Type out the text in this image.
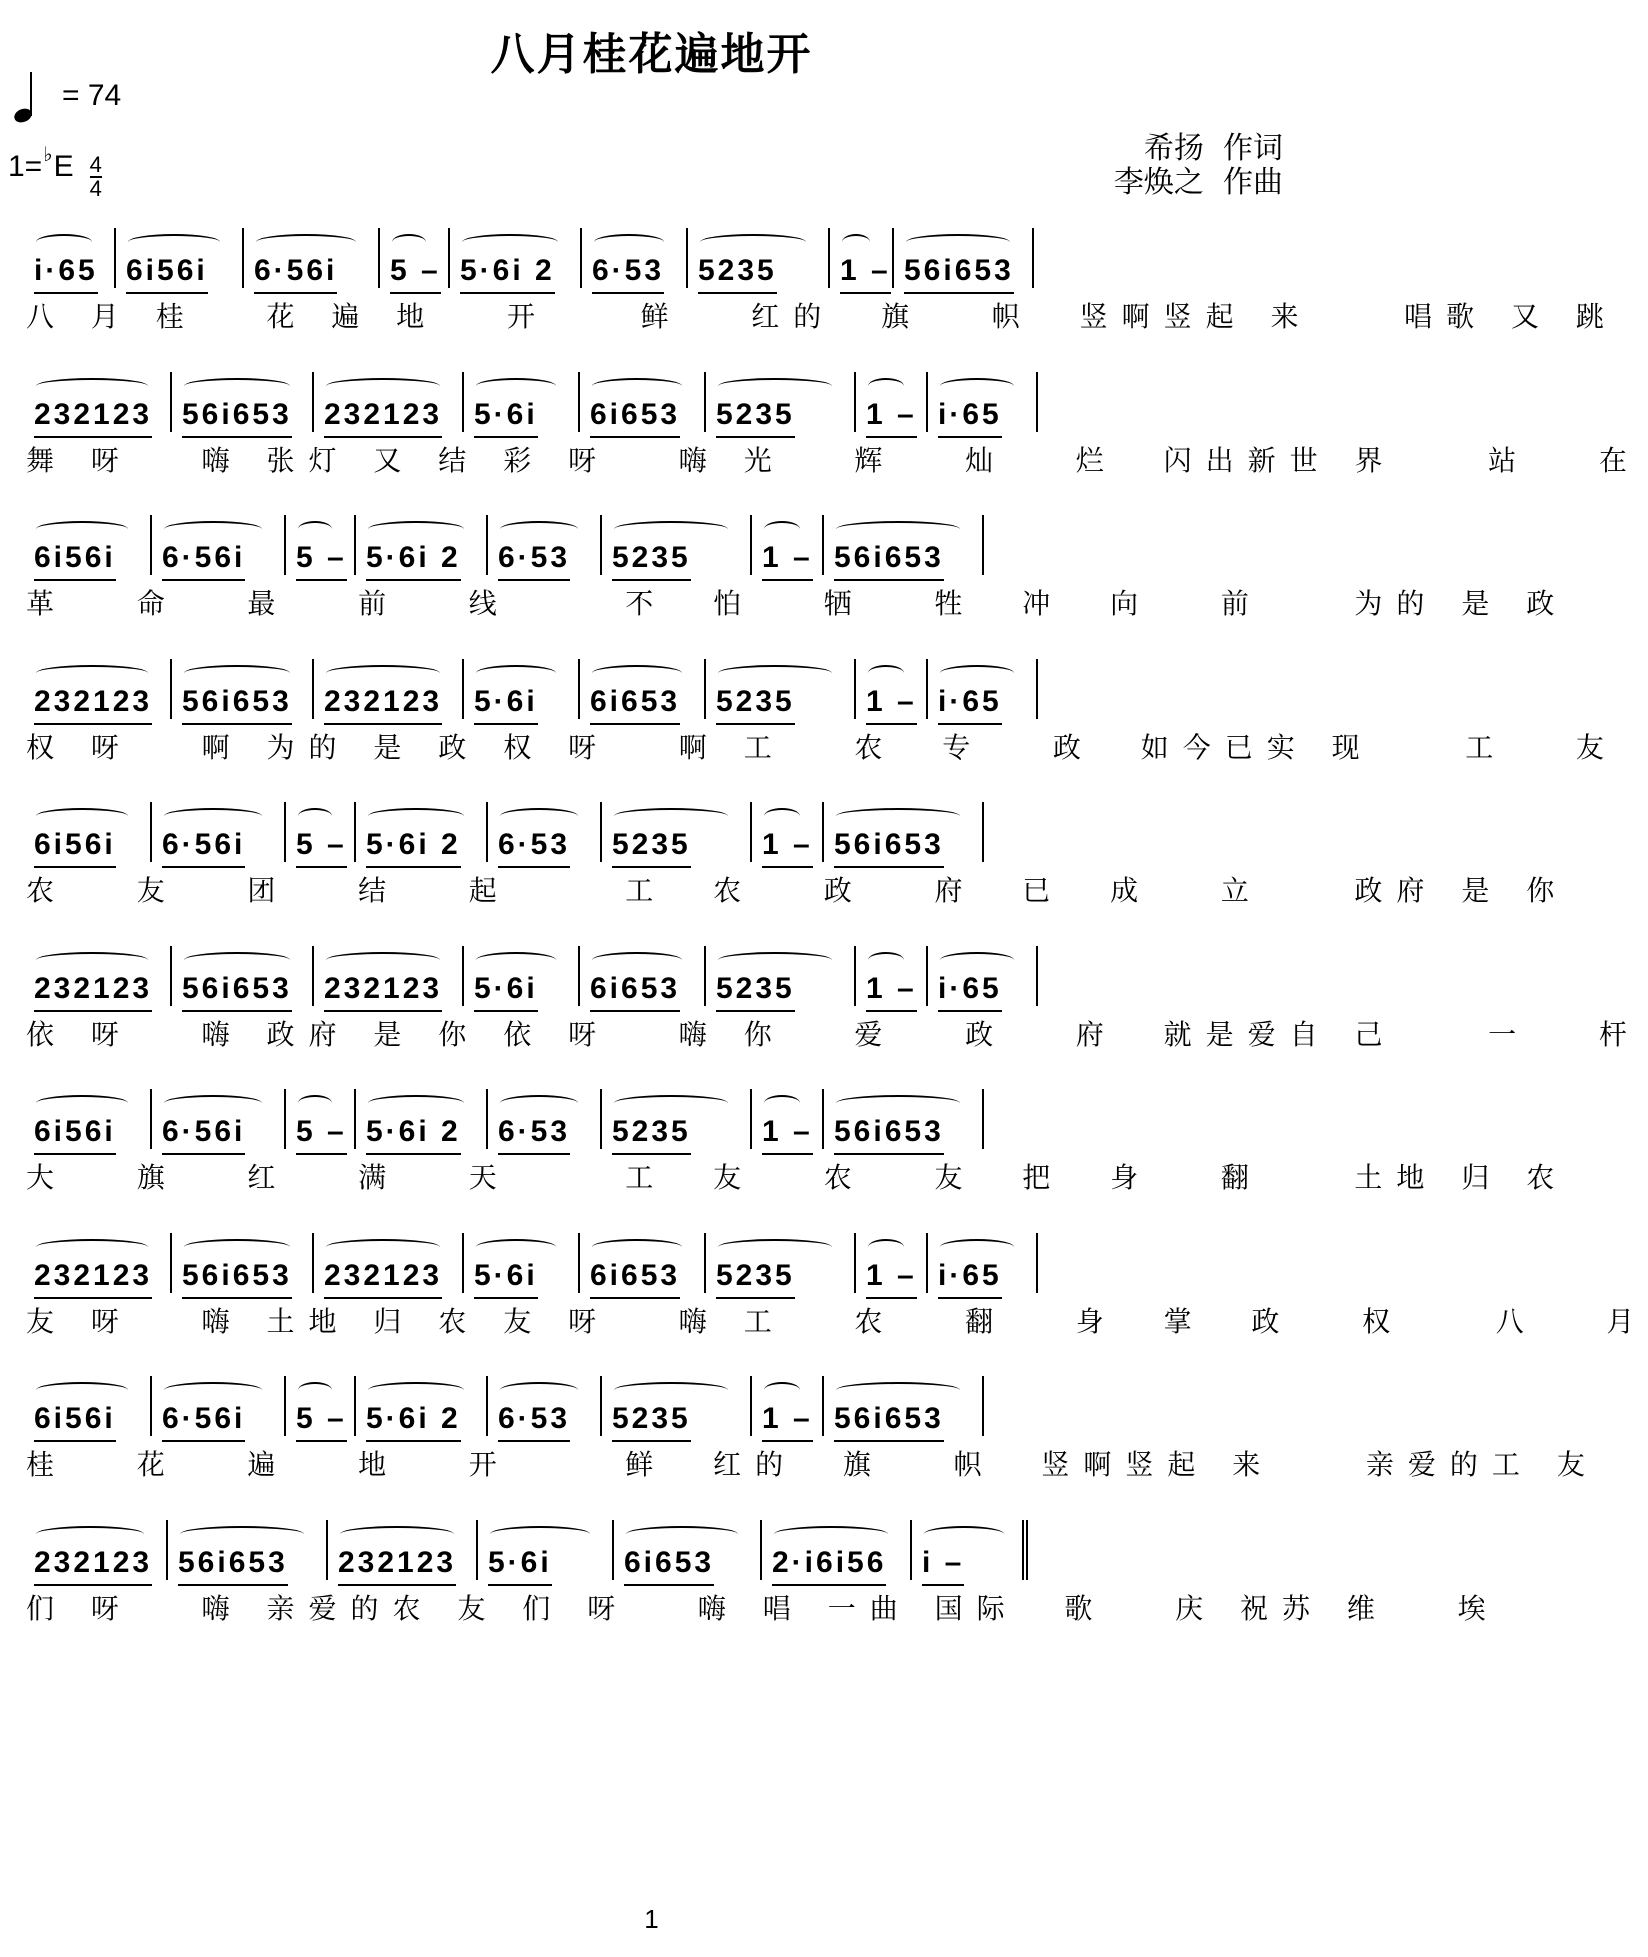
八月桂花遍地开
= 74
1= ♭ E 4
4
希扬  作词
李焕之  作曲
i·65 6i56i 6·56i 5 – 5·6i 2 6·53 5235 1 – 56i653
八 月 桂   花 遍 地   开    鲜   红的  旗   帜  竖啊竖起 来    唱歌 又 跳
232123 56i653 232123 5·6i 6i653 5235 1 – i·65
舞 呀   嗨 张灯 又 结 彩 呀   嗨 光   辉   灿   烂  闪出新世 界    站   在
6i56i 6·56i 5 – 5·6i 2 6·53 5235 1 – 56i653
革   命   最   前   线     不  怕   牺   牲  冲  向   前    为的 是 政
232123 56i653 232123 5·6i 6i653 5235 1 – i·65
权 呀   啊 为的 是 政 权 呀   啊 工   农  专   政  如今已实 现    工   友
6i56i 6·56i 5 – 5·6i 2 6·53 5235 1 – 56i653
农   友   团   结   起     工  农   政   府  已  成   立    政府 是 你
232123 56i653 232123 5·6i 6i653 5235 1 – i·65
依 呀   嗨 政府 是 你 依 呀   嗨 你   爱   政   府  就是爱自 己    一   杆
6i56i 6·56i 5 – 5·6i 2 6·53 5235 1 – 56i653
大   旗   红   满   天     工  友   农   友  把  身   翻    土地 归 农
232123 56i653 232123 5·6i 6i653 5235 1 – i·65
友 呀   嗨 土地 归 农 友 呀   嗨 工   农   翻   身  掌  政   权    八   月
6i56i 6·56i 5 – 5·6i 2 6·53 5235 1 – 56i653
桂   花   遍   地   开     鲜  红的  旗   帜  竖啊竖起 来    亲爱的工 友
232123 56i653 232123 5·6i 6i653 2·i6i56 i –
们 呀   嗨 亲爱的农 友 们 呀   嗨 唱 一曲 国际  歌   庆 祝苏 维   埃
1
